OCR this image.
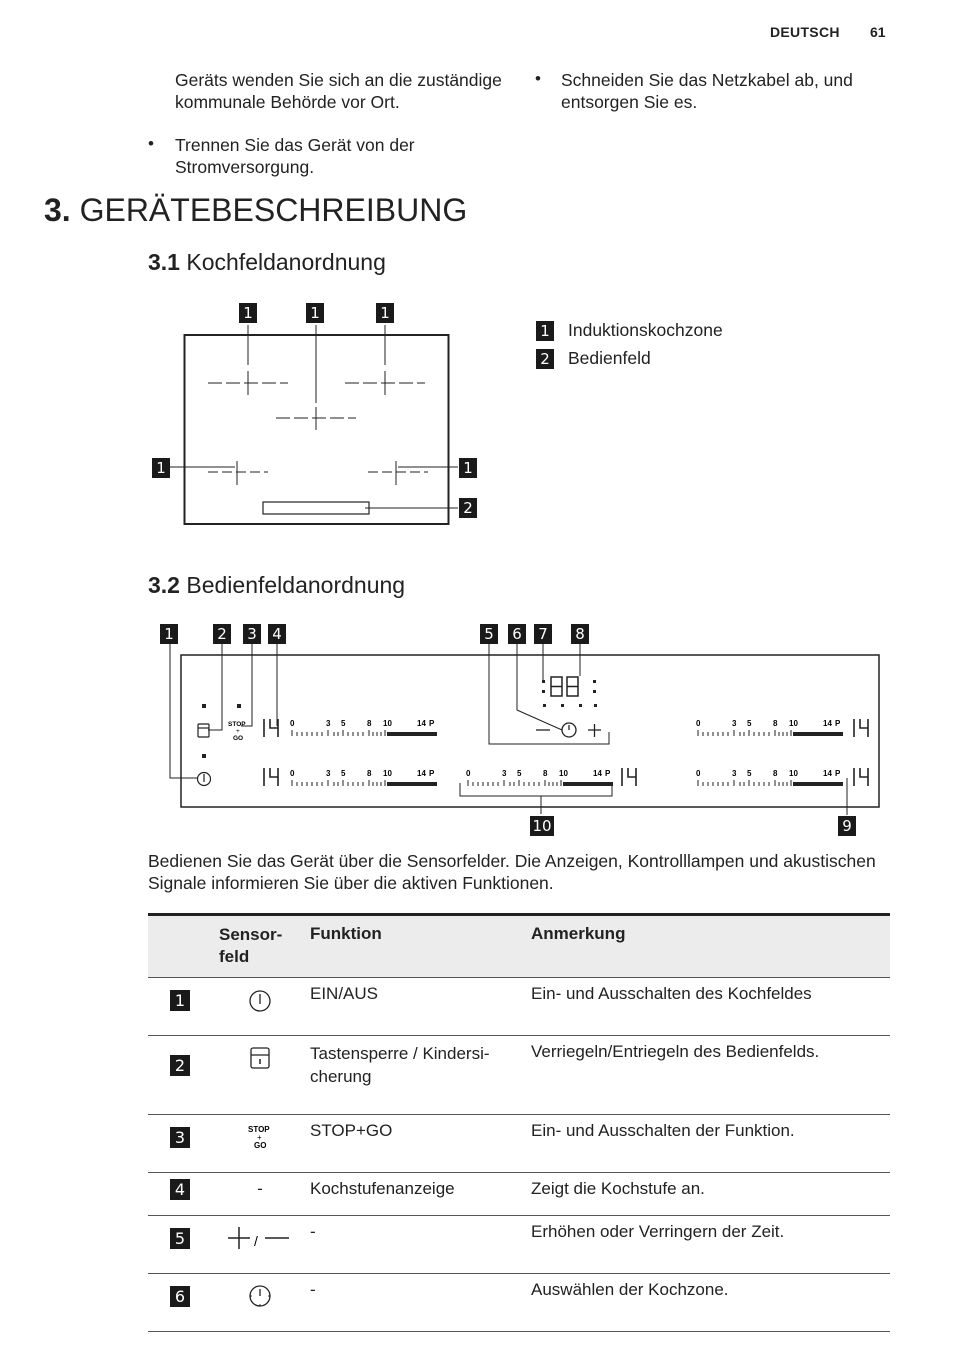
DEUTSCH 61
Geräts wenden Sie sich an die zuständige kommunale Behörde vor Ort.
• Trennen Sie das Gerät von der Stromversorgung.
• Schneiden Sie das Netzkabel ab, und entsorgen Sie es.
3. GERÄTEBESCHREIBUNG
3.1 Kochfeldanordnung
1	1	1
1	1
2
1 Induktionskochzone
2 Bedienfeld
3.2 Bedienfeldanordnung
0	3	5	8	10	14 P
STOP
+
GO
1	2 3 4	5 6 7 8
9
10
Bedienen Sie das Gerät über die Sensorfelder. Die Anzeigen, Kontrolllampen und akustischen Signale informieren Sie über die aktiven Funktionen.
	Sensor-feld	Funktion	Anmerkung
1		EIN/AUS	Ein- und Ausschalten des Kochfeldes
2		Tastensperre / Kindersi-cherung	Verriegeln/Entriegeln des Bedienfelds.
3	STOP
+
GO	STOP+GO	Ein- und Ausschalten der Funktion.
4	-	Kochstufenanzeige	Zeigt die Kochstufe an.
5	/	-	Erhöhen oder Verringern der Zeit.
6		-	Auswählen der Kochzone.
